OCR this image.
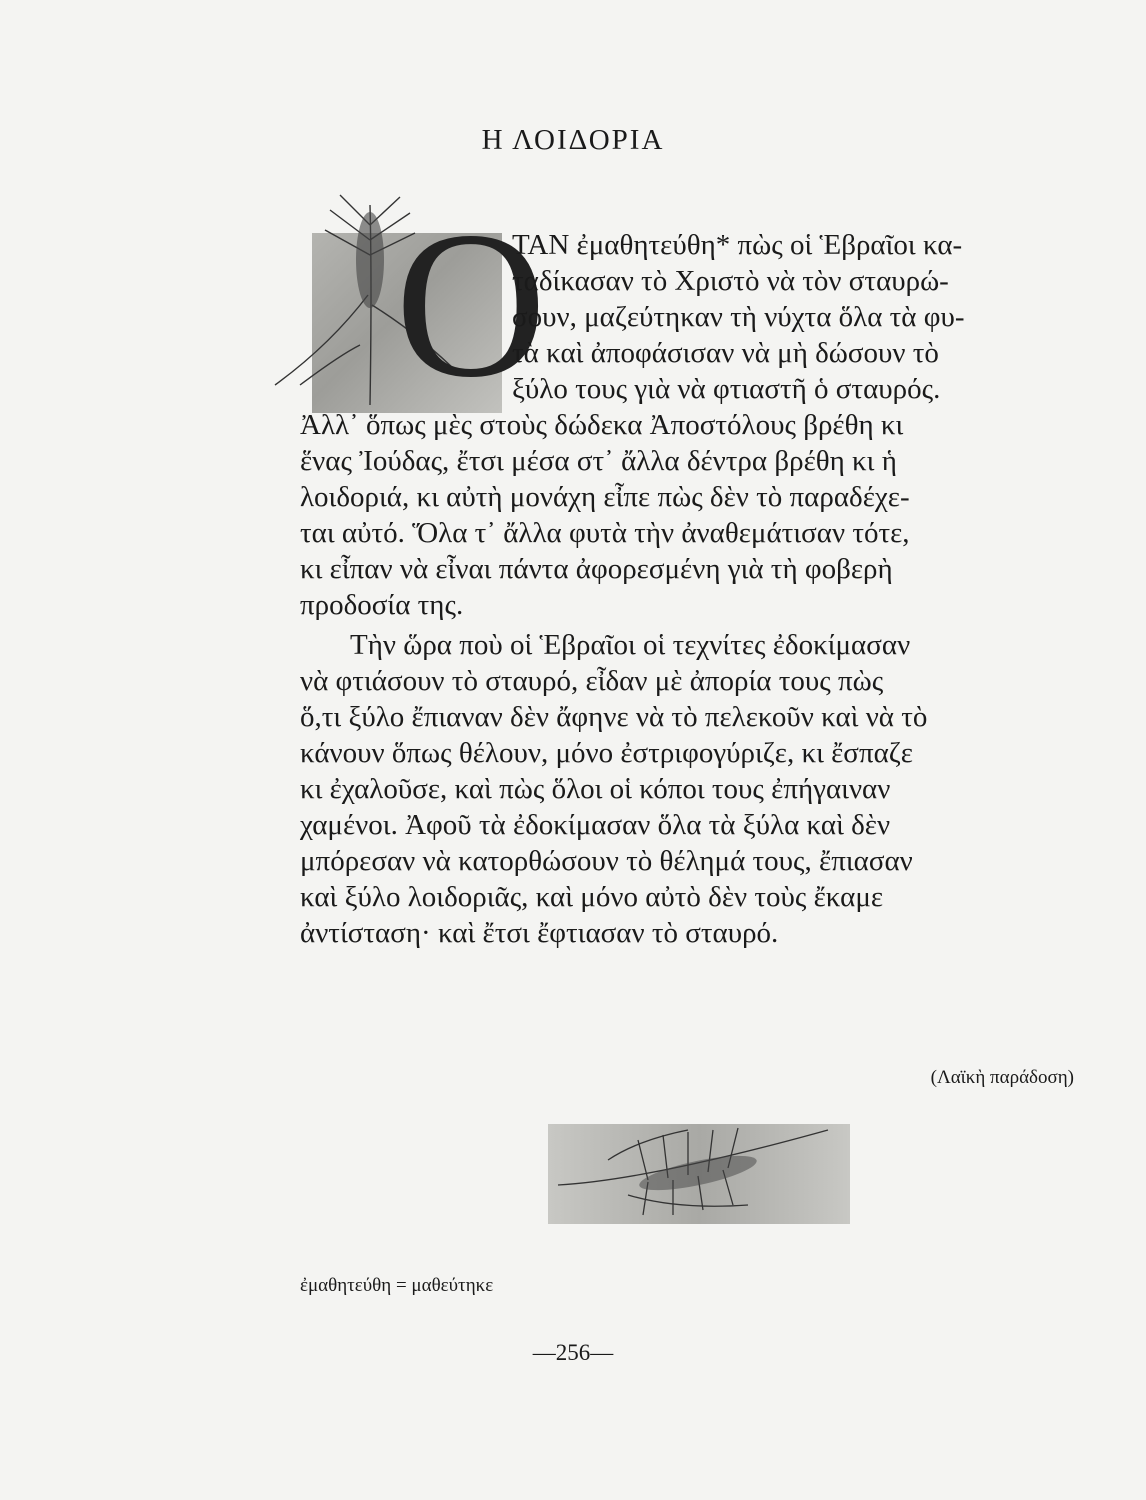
Η ΛΟΙΔΟΡΙΑ
Ο
ΤΑΝ ἐμαθητεύθη* πὼς οἱ Ἑβραῖοι κα-
ταδίκασαν τὸ Χριστὸ νὰ τὸν σταυρώ-
σουν, μαζεύτηκαν τὴ νύχτα ὅλα τὰ φυ-
τὰ καὶ ἀποφάσισαν νὰ μὴ δώσουν τὸ
ξύλο τους γιὰ νὰ φτιαστῆ ὁ σταυρός.
Ἀλλ᾽ ὅπως μὲς στοὺς δώδεκα Ἀποστόλους βρέθη κι
ἕνας Ἰούδας, ἔτσι μέσα στ᾽ ἄλλα δέντρα βρέθη κι ἡ
λοιδοριά, κι αὐτὴ μονάχη εἶπε πὼς δὲν τὸ παραδέχε-
ται αὐτό. Ὅλα τ᾽ ἄλλα φυτὰ τὴν ἀναθεμάτισαν τότε,
κι εἶπαν νὰ εἶναι πάντα ἀφορεσμένη γιὰ τὴ φοβερὴ
προδοσία της.
Τὴν ὥρα ποὺ οἱ Ἑβραῖοι οἱ τεχνίτες ἐδοκίμασαν
νὰ φτιάσουν τὸ σταυρό, εἶδαν μὲ ἀπορία τους πὼς
ὅ,τι ξύλο ἔπιαναν δὲν ἄφηνε νὰ τὸ πελεκοῦν καὶ νὰ τὸ
κάνουν ὅπως θέλουν, μόνο ἐστριφογύριζε, κι ἔσπαζε
κι ἐχαλοῦσε, καὶ πὼς ὅλοι οἱ κόποι τους ἐπήγαιναν
χαμένοι. Ἀφοῦ τὰ ἐδοκίμασαν ὅλα τὰ ξύλα καὶ δὲν
μπόρεσαν νὰ κατορθώσουν τὸ θέλημά τους, ἔπιασαν
καὶ ξύλο λοιδοριᾶς, καὶ μόνο αὐτὸ δὲν τοὺς ἔκαμε
ἀντίσταση· καὶ ἔτσι ἔφτιασαν τὸ σταυρό.
(Λαϊκὴ παράδοση)
ἐμαθητεύθη = μαθεύτηκε
—256—
